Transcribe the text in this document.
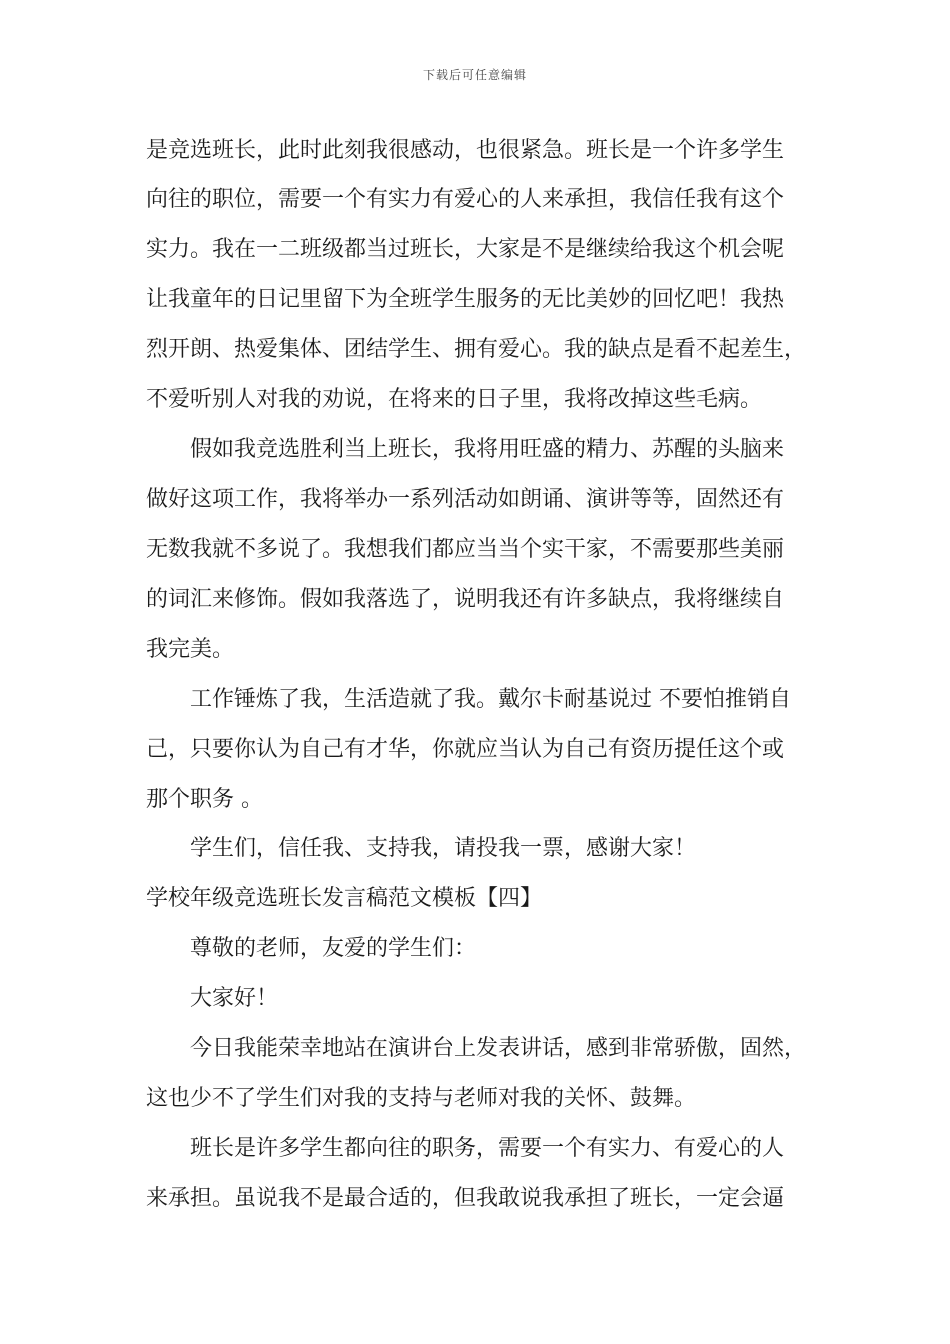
下载后可任意编辑
是竞选班长，此时此刻我很感动，也很紧急。班长是一个许多学生
向往的职位，需要一个有实力有爱心的人来承担，我信任我有这个
实力。我在一二班级都当过班长，大家是不是继续给我这个机会呢
让我童年的日记里留下为全班学生服务的无比美妙的回忆吧！我热
烈开朗、热爱集体、团结学生、拥有爱心。我的缺点是看不起差生，
不爱听别人对我的劝说，在将来的日子里，我将改掉这些毛病。
假如我竞选胜利当上班长，我将用旺盛的精力、苏醒的头脑来
做好这项工作，我将举办一系列活动如朗诵、演讲等等，固然还有
无数我就不多说了。我想我们都应当当个实干家，不需要那些美丽
的词汇来修饰。假如我落选了，说明我还有许多缺点，我将继续自
我完美。
工作锤炼了我，生活造就了我。戴尔卡耐基说过 不要怕推销自
己，只要你认为自己有才华，你就应当认为自己有资历提任这个或
那个职务 。
学生们，信任我、支持我，请投我一票，感谢大家！
学校年级竞选班长发言稿范文模板【四】
尊敬的老师，友爱的学生们：
大家好！
今日我能荣幸地站在演讲台上发表讲话，感到非常骄傲，固然，
这也少不了学生们对我的支持与老师对我的关怀、鼓舞。
班长是许多学生都向往的职务，需要一个有实力、有爱心的人
来承担。虽说我不是最合适的，但我敢说我承担了班长，一定会逼
